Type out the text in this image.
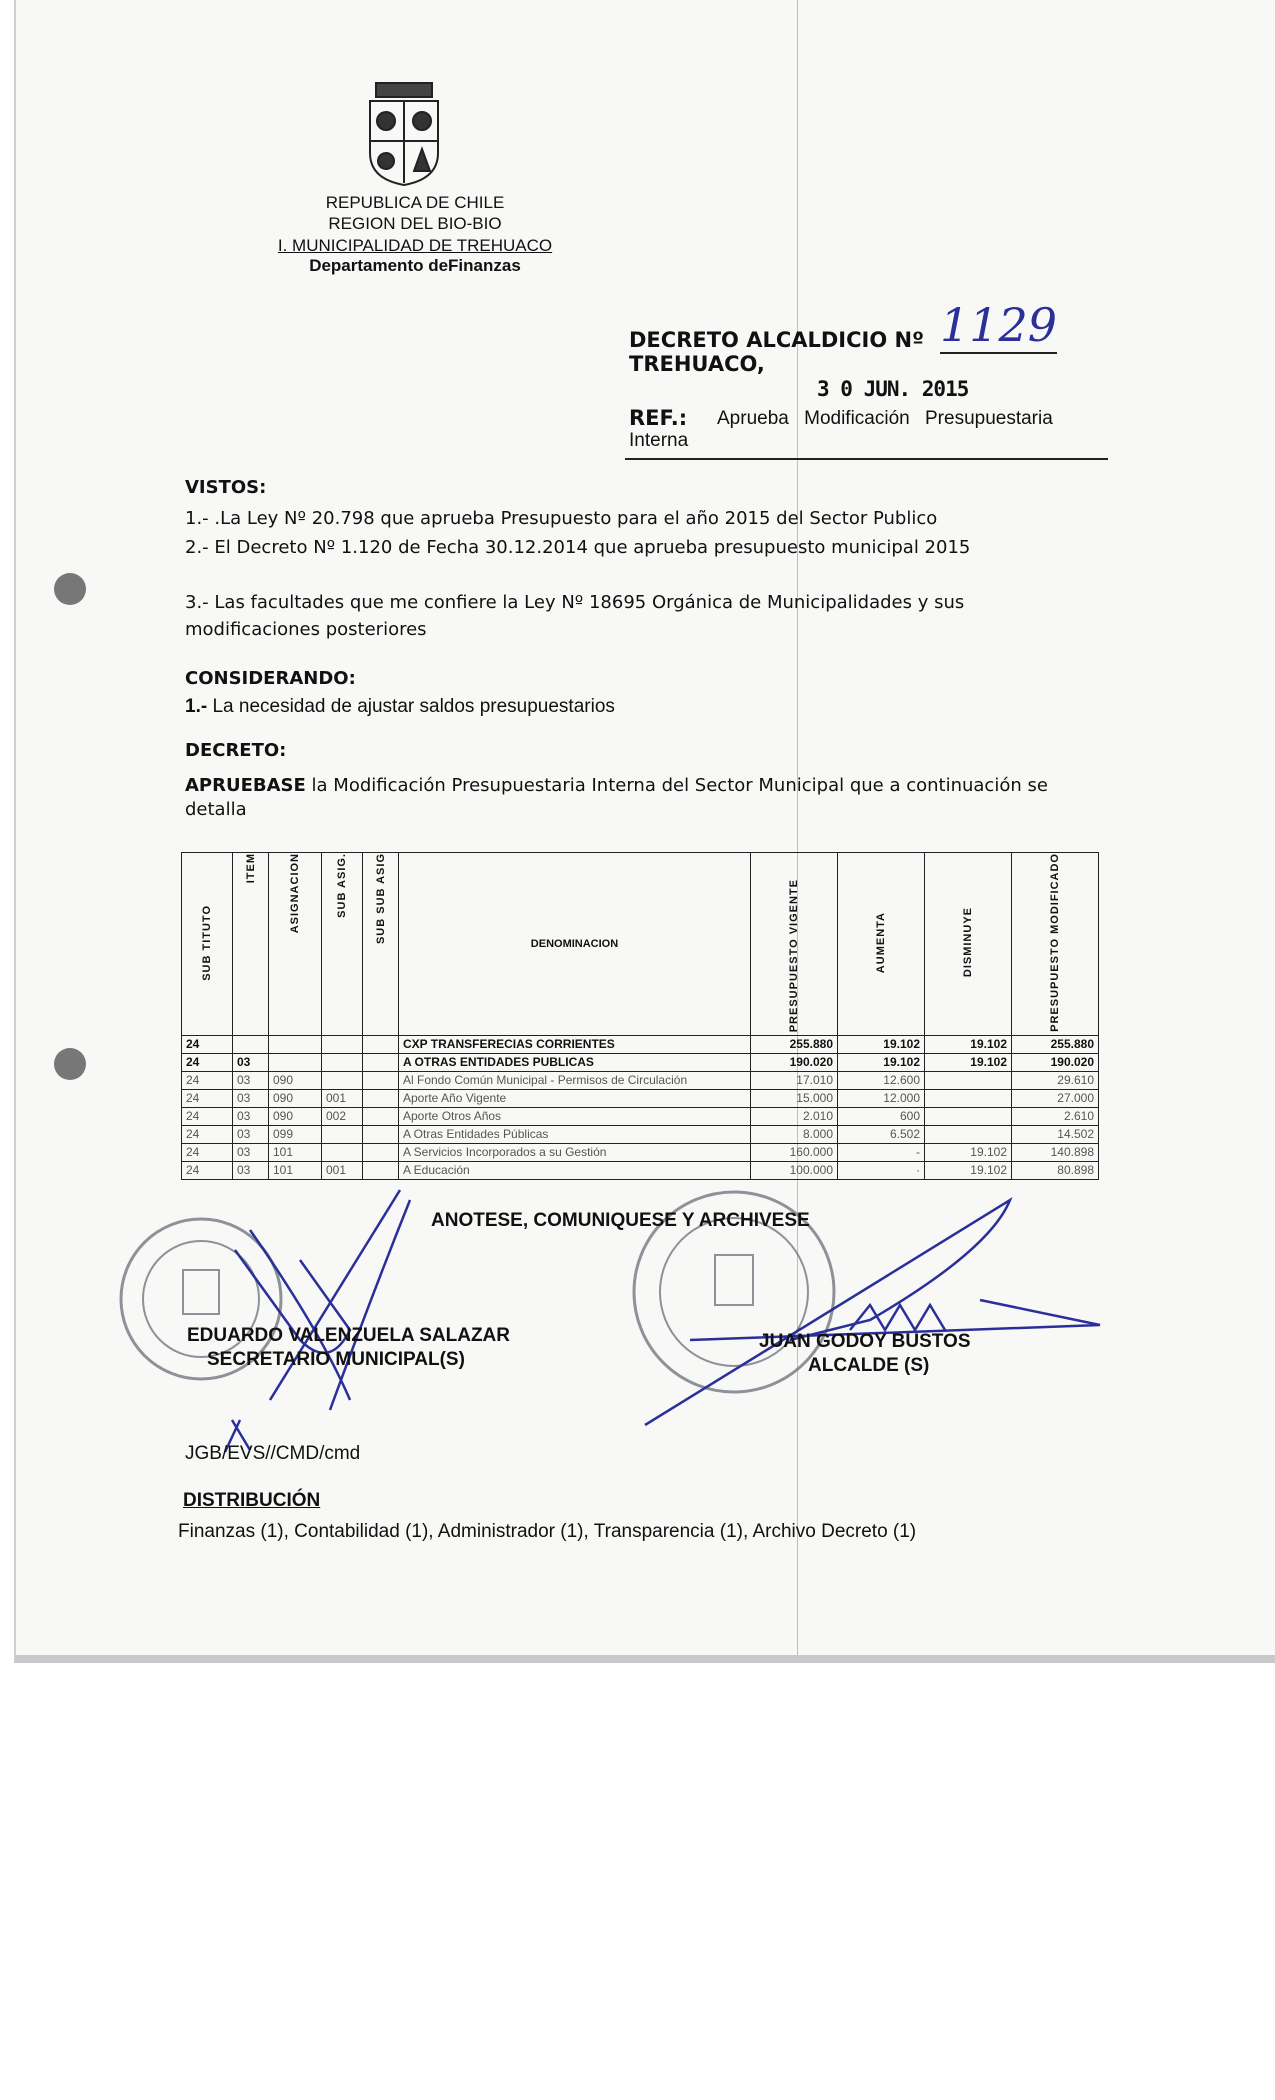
REPUBLICA DE CHILE
REGION DEL BIO-BIO
I. MUNICIPALIDAD DE TREHUACO
Departamento deFinanzas
DECRETO ALCALDICIO Nº 1129
TREHUACO,
3 0 JUN. 2015
REF.: Aprueba Modificación Presupuestaria
Interna
VISTOS:
1.- .La Ley Nº 20.798 que aprueba Presupuesto para el año 2015 del Sector Publico
2.- El Decreto Nº 1.120 de Fecha 30.12.2014 que aprueba presupuesto municipal 2015
3.- Las facultades que me confiere la Ley Nº 18695 Orgánica de Municipalidades y sus
modificaciones posteriores
CONSIDERANDO:
1.- La necesidad de ajustar saldos presupuestarios
DECRETO:
APRUEBASE la Modificación Presupuestaria Interna del Sector Municipal que a continuación se
detalla
SUB TITUTO	ITEM	ASIGNACION	SUB ASIG.	SUB SUB ASIG	DENOMINACION	PRESUPUESTO VIGENTE	AUMENTA	DISMINUYE	PRESUPUESTO MODIFICADO
24					CXP TRANSFERECIAS CORRIENTES	255.880	19.102	19.102	255.880
24	03				A OTRAS ENTIDADES PUBLICAS	190.020	19.102	19.102	190.020
24	03	090			Al Fondo Común Municipal - Permisos de Circulación	17.010	12.600		29.610
24	03	090	001		Aporte Año Vigente	15.000	12.000		27.000
24	03	090	002		Aporte Otros Años	2.010	600		2.610
24	03	099			A Otras Entidades Públicas	8.000	6.502		14.502
24	03	101			A Servicios Incorporados a su Gestión	160.000	-	19.102	140.898
24	03	101	001		A Educación	100.000	·	19.102	80.898
ANOTESE, COMUNIQUESE Y ARCHIVESE
EDUARDO VALENZUELA SALAZAR
SECRETARIO MUNICIPAL(S)
JUAN GODOY BUSTOS
ALCALDE (S)
JGB/EVS//CMD/cmd
DISTRIBUCIÓN
Finanzas (1), Contabilidad (1), Administrador (1), Transparencia (1), Archivo Decreto (1)
